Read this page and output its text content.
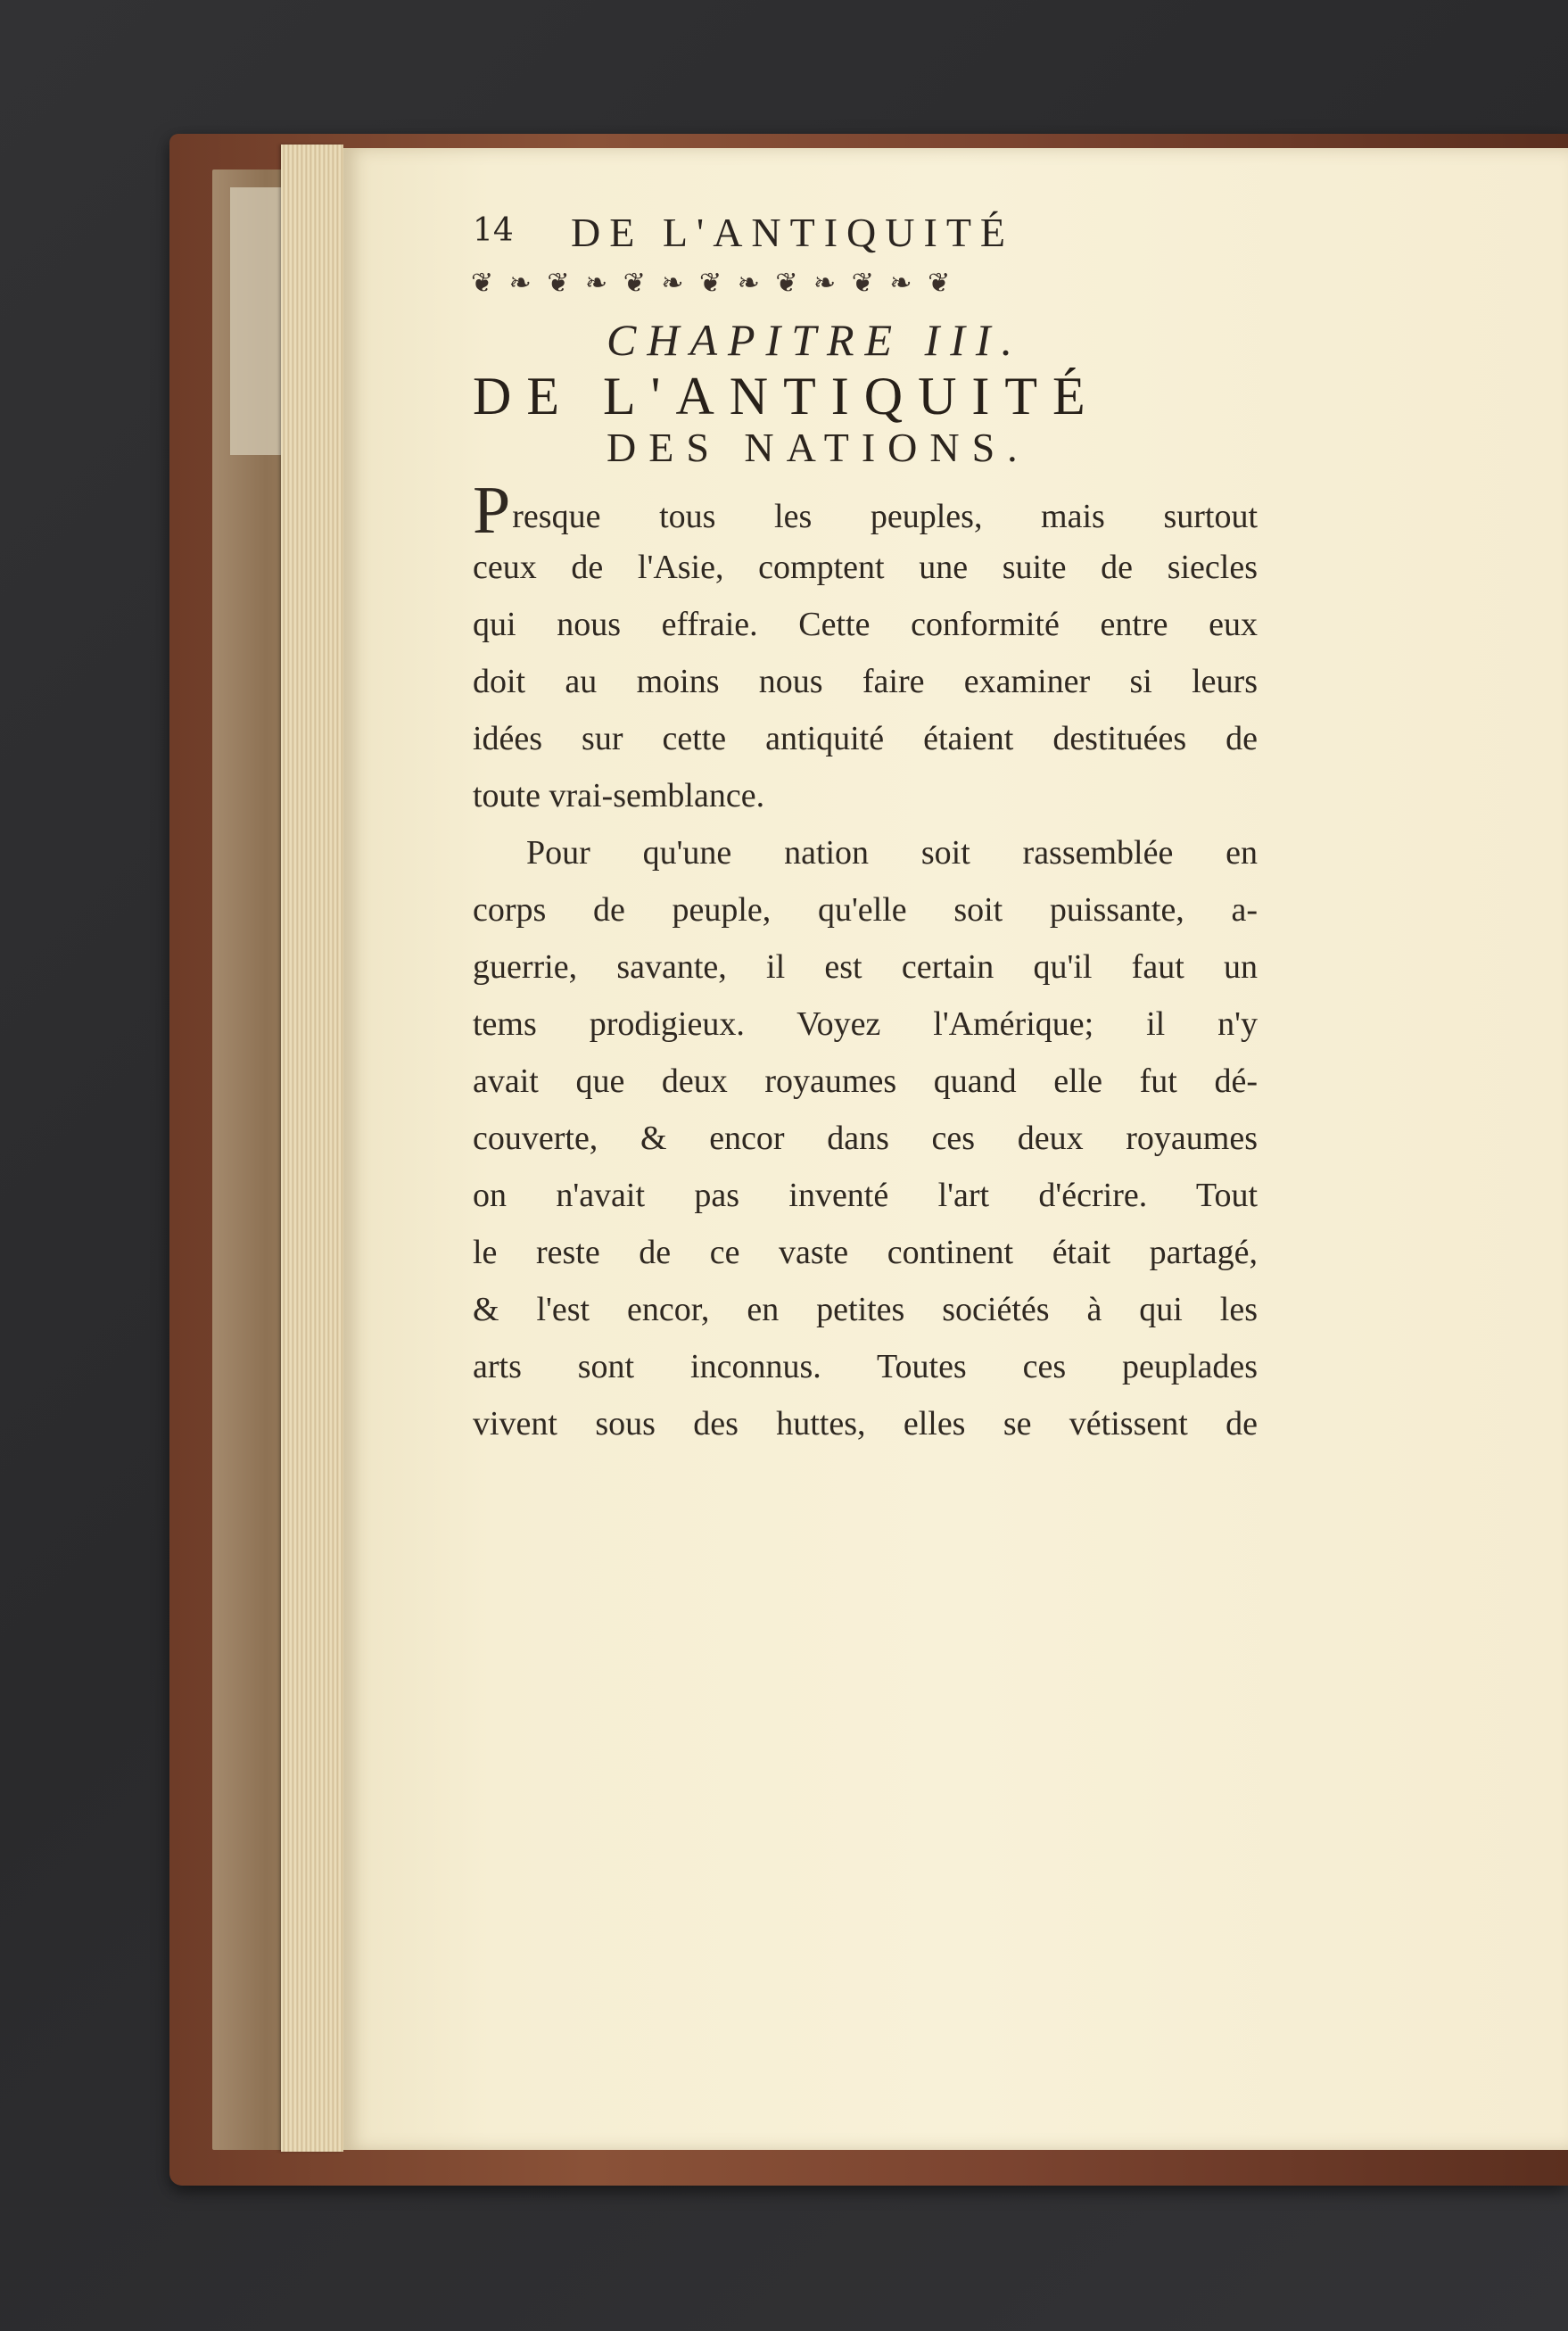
14 DE L'ANTIQUITÉ
❦ ❧ ❦ ❧ ❦ ❧ ❦ ❧ ❦ ❧ ❦ ❧ ❦
CHAPITRE III.
DE L'ANTIQUITÉ
DES NATIONS.
Presque tous les peuples, mais surtout
ceux de l'Asie, comptent une suite de siecles
qui nous effraie. Cette conformité entre eux
doit au moins nous faire examiner si leurs
idées sur cette antiquité étaient destituées de
toute vrai-semblance.
Pour qu'une nation soit rassemblée en
corps de peuple, qu'elle soit puissante, a-
guerrie, savante, il est certain qu'il faut un
tems prodigieux. Voyez l'Amérique; il n'y
avait que deux royaumes quand elle fut dé-
couverte, & encor dans ces deux royaumes
on n'avait pas inventé l'art d'écrire. Tout
le reste de ce vaste continent était partagé,
& l'est encor, en petites sociétés à qui les
arts sont inconnus. Toutes ces peuplades
vivent sous des huttes, elles se vétissent de
